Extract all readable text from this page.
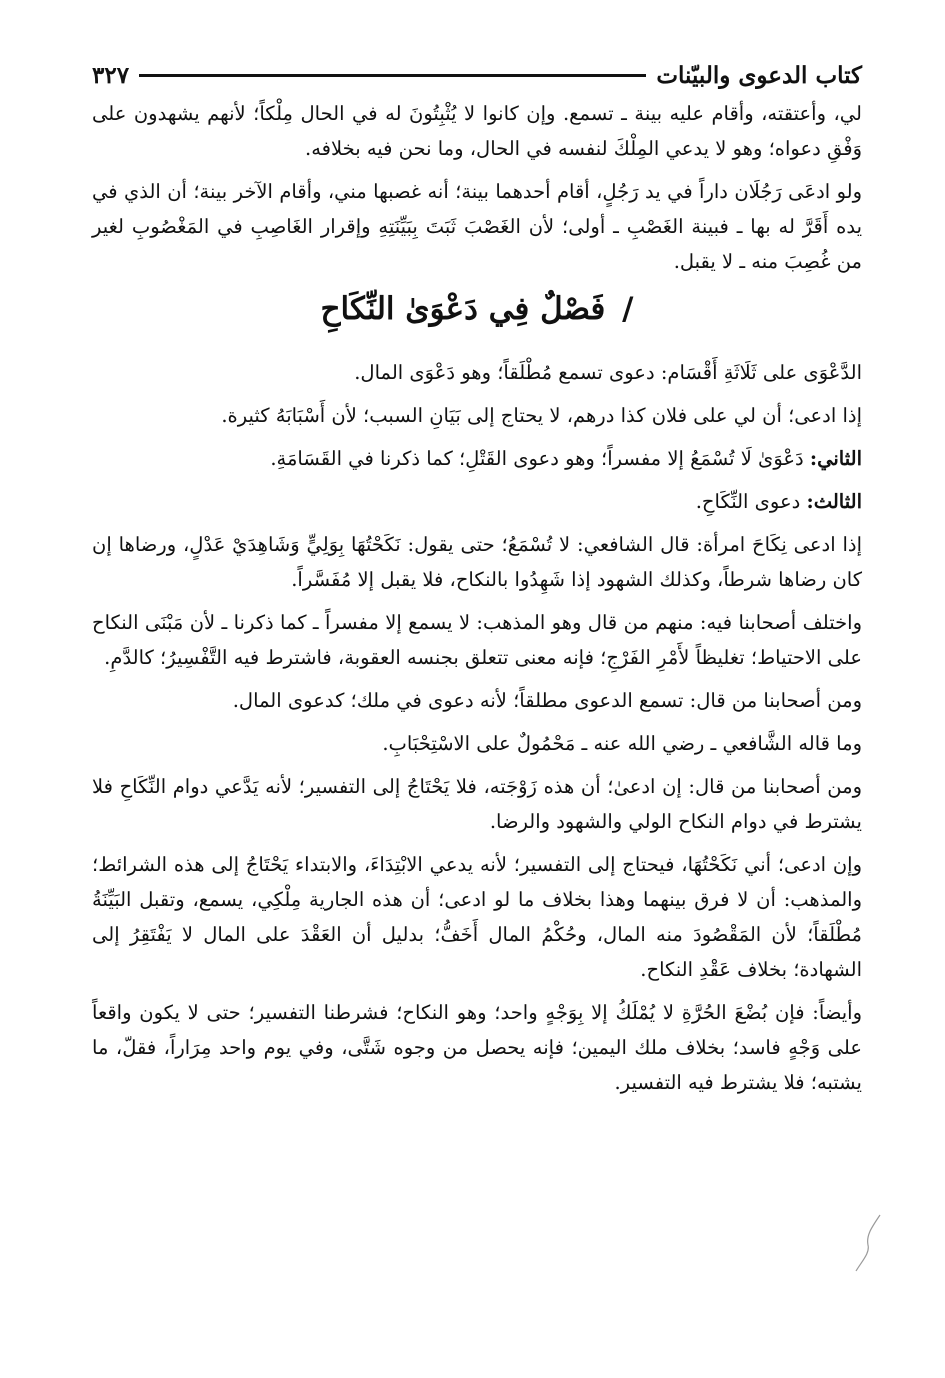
كتاب الدعوى والبيّنات
٣٢٧

لي، وأعتقته، وأقام عليه بينة ـ تسمع. وإن كانوا لا يُثْبِتُونَ له في الحال مِلْكاً؛ لأنهم يشهدون على وَفْقِ دعواه؛ وهو لا يدعي المِلْكَ لنفسه في الحال، وما نحن فيه بخلافه.

ولو ادعَى رَجُلَان داراً في يد رَجُلٍ، أقام أحدهما بينة؛ أنه غصبها مني، وأقام الآخر بينة؛ أن الذي في يده أَقَرَّ له بها ـ فبينة الغَصْبِ ـ أولى؛ لأن الغَصْبَ ثَبَتَ بِبَيِّنَتِهِ وإقرار الغَاصِبِ في المَغْصُوبِ لغير من غُصِبَ منه ـ لا يقبل.

/ فَصْلٌ فِي دَعْوَىٰ النِّكَاحِ

الدَّعْوَى على ثَلَاثَةِ أَقْسَام: دعوى تسمع مُطْلَقاً؛ وهو دَعْوَى المال.

إذا ادعى؛ أن لي على فلان كذا درهم، لا يحتاج إلى بَيَانِ السبب؛ لأن أَسْبَابَهُ كثيرة.

الثاني: دَعْوَىٰ لَا تُسْمَعُ إلا مفسراً؛ وهو دعوى القَتْلِ؛ كما ذكرنا في القَسَامَةِ.

الثالث: دعوى النِّكَاحِ.

إذا ادعى نِكَاحَ امرأة: قال الشافعي: لا تُسْمَعُ؛ حتى يقول: نَكَحْتُهَا بِوَلِيٍّ وَشَاهِدَيْ عَدْلٍ، ورضاها إن كان رضاها شرطاً، وكذلك الشهود إذا شَهِدُوا بالنكاح، فلا يقبل إلا مُفَسَّراً.

واختلف أصحابنا فيه: منهم من قال وهو المذهب: لا يسمع إلا مفسراً ـ كما ذكرنا ـ لأن مَبْنَى النكاح على الاحتياط؛ تغليظاً لأَمْرِ الفَرْجِ؛ فإنه معنى تتعلق بجنسه العقوبة، فاشترط فيه التَّفْسِيرُ؛ كالدَّمِ.

ومن أصحابنا من قال: تسمع الدعوى مطلقاً؛ لأنه دعوى في ملك؛ كدعوى المال.

وما قاله الشَّافعي ـ رضي الله عنه ـ مَحْمُولٌ على الاسْتِحْبَابِ.

ومن أصحابنا من قال: إن ادعىٰ؛ أن هذه زَوْجَته، فلا يَحْتَاجُ إلى التفسير؛ لأنه يَدَّعي دوام النِّكَاحِ فلا يشترط في دوام النكاح الولي والشهود والرضا.

وإن ادعى؛ أني نَكَحْتُهَا، فيحتاج إلى التفسير؛ لأنه يدعي الابْتِدَاءَ، والابتداء يَحْتَاجُ إلى هذه الشرائط؛ والمذهب: أن لا فرق بينهما وهذا بخلاف ما لو ادعى؛ أن هذه الجارية مِلْكِي، يسمع، وتقبل البَيِّنَةُ مُطْلَقاً؛ لأن المَقْصُودَ منه المال، وحُكْمُ المال أَخَفُّ؛ بدليل أن العَقْدَ على المال لا يَفْتَقِرُ إلى الشهادة؛ بخلاف عَقْدِ النكاح.

وأيضاً: فإن بُضْعَ الحُرَّةِ لا يُمْلَكُ إلا بِوَجْهٍ واحد؛ وهو النكاح؛ فشرطنا التفسير؛ حتى لا يكون واقعاً على وَجْهٍ فاسد؛ بخلاف ملك اليمين؛ فإنه يحصل من وجوه شَتَّى، وفي يوم واحد مِرَاراً، فقلّ، ما يشتبه؛ فلا يشترط فيه التفسير.
